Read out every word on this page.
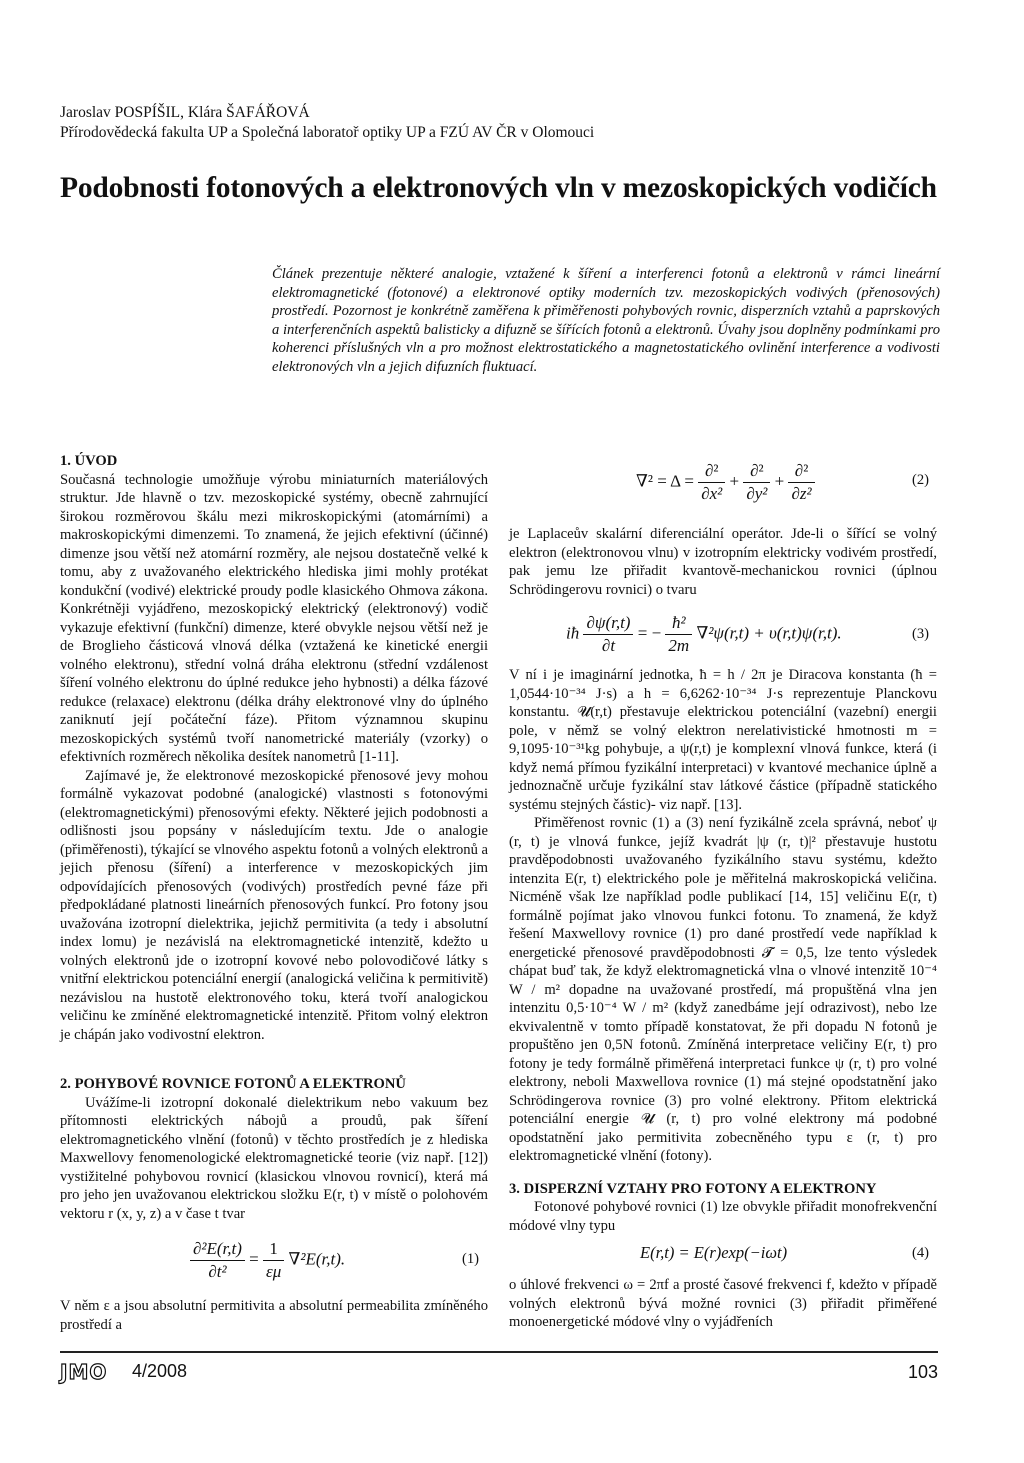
Jaroslav POSPÍŠIL, Klára ŠAFÁŘOVÁ
Přírodovědecká fakulta UP a Společná laboratoř optiky UP a FZÚ AV ČR v Olomouci
Podobnosti fotonových a elektronových vln v mezoskopických vodičích
Článek prezentuje některé analogie, vztažené k šíření a interferenci fotonů a elektronů v rámci lineární elektromagnetické (fotonové) a elektronové optiky moderních tzv. mezoskopických vodivých (přenosových) prostředí. Pozornost je konkrétně zaměřena k přiměřenosti pohybových rovnic, disperzních vztahů a paprskových a interferenčních aspektů balisticky a difuzně se šířících fotonů a elektronů. Úvahy jsou doplněny podmínkami pro koherenci příslušných vln a pro možnost elektrostatického a magnetostatického ovlinění interference a vodivosti elektronových vln a jejich difuzních fluktuací.
1. ÚVOD

Současná technologie umožňuje výrobu miniaturních materiálových struktur. Jde hlavně o tzv. mezoskopické systémy, obecně zahrnující širokou rozměrovou škálu mezi mikroskopickými (atomárními) a makroskopickými dimenzemi. To znamená, že jejich efektivní (účinné) dimenze jsou větší než atomární rozměry, ale nejsou dostatečně velké k tomu, aby z uvažovaného elektrického hlediska jimi mohly protékat kondukční (vodivé) elektrické proudy podle klasického Ohmova zákona. Konkrétněji vyjádřeno, mezoskopický elektrický (elektronový) vodič vykazuje efektivní (funkční) dimenze, které obvykle nejsou větší než je de Broglieho částicová vlnová délka (vztažená ke kinetické energii volného elektronu), střední volná dráha elektronu (střední vzdálenost šíření volného elektronu do úplné redukce jeho hybnosti) a délka fázové redukce (relaxace) elektronu (délka dráhy elektronové vlny do úplného zaniknutí její počáteční fáze). Přitom významnou skupinu mezoskopických systémů tvoří nanometrické materiály (vzorky) o efektivních rozměrech několika desítek nanometrů [1-11].

Zajímavé je, že elektronové mezoskopické přenosové jevy mohou formálně vykazovat podobné (analogické) vlastnosti s fotonovými (elektromagnetickými) přenosovými efekty. Některé jejich podobnosti a odlišnosti jsou popsány v následujícím textu. Jde o analogie (přiměřenosti), týkající se vlnového aspektu fotonů a volných elektronů a jejich přenosu (šíření) a interference v mezoskopických jim odpovídajících přenosových (vodivých) prostředích pevné fáze při předpokládané platnosti lineárních přenosových funkcí. Pro fotony jsou uvažována izotropní dielektrika, jejichž permitivita (a tedy i absolutní index lomu) je nezávislá na elektromagnetické intenzitě, kdežto u volných elektronů jde o izotropní kovové nebo polovodičové látky s vnitřní elektrickou potenciální energií (analogická veličina k permitivitě) nezávislou na hustotě elektronového toku, která tvoří analogickou veličinu ke zmíněné elektromagnetické intenzitě. Přitom volný elektron je chápán jako vodivostní elektron.

2. POHYBOVÉ ROVNICE FOTONŮ A ELEKTRONŮ

Uvážíme-li izotropní dokonalé dielektrikum nebo vakuum bez přítomnosti elektrických nábojů a proudů, pak šíření elektromagnetického vlnění (fotonů) v těchto prostředích je z hlediska Maxwellovy fenomenologické elektromagnetické teorie (viz např. [12]) vystižitelné pohybovou rovnicí (klasickou vlnovou rovnicí), která má pro jeho jen uvažovanou elektrickou složku E(r, t) v místě o polohovém vektoru r (x, y, z) a v čase t tvar

$\frac{\text{∂²E(r,t)}}{\text{∂t²}} = \frac{1}{\varepsilon\mu} \nabla^2E(r,t)$.	(1)

V něm ε a jsou absolutní permitivita a absolutní permeabilita zmíněného prostředí a

$\nabla^2 = \Delta = \frac{\text{∂²}}{\text{∂x²}} + \frac{\text{∂²}}{\text{∂y²}} + \frac{\text{∂²}}{\text{∂z²}}$	(2)

je Laplaceův skalární diferenciální operátor. Jde-li o šířící se volný elektron (elektronovou vlnu) v izotropním elektricky vodivém prostředí, pak jemu lze přiřadit kvantově-mechanickou rovnici (úplnou Schrödingerovu rovnici) o tvaru

iħ $\frac{\partial\psi(r,t)}{\partial t}$ = − $\frac{\text{ħ²}}{2m} \nabla^2\psi(r,t) + \upsilon(r,t)\psi(r,t)$.	(3)

V ní i je imaginární jednotka, ħ = h / 2π je Diracova konstanta (ħ = 1,0544·10⁻³⁴ J·s) a h = 6,6262·10⁻³⁴ J·s reprezentuje Planckovu konstantu. 𝓤(r,t) přestavuje elektrickou potenciální (vazební) energii pole, v němž se volný elektron nerelativistické hmotnosti m = 9,1095·10⁻³¹kg pohybuje, a ψ(r,t) je komplexní vlnová funkce, která (i když nemá přímou fyzikální interpretaci) v kvantové mechanice úplně a jednoznačně určuje fyzikální stav látkové částice (případně statického systému stejných částic)- viz např. [13].

Přiměřenost rovnic (1) a (3) není fyzikálně zcela správná, neboť ψ (r, t) je vlnová funkce, jejíž kvadrát |ψ (r, t)|² přestavuje hustotu pravděpodobnosti uvažovaného fyzikálního stavu systému, kdežto intenzita E(r, t) elektrického pole je měřitelná makroskopická veličina. Nicméně však lze například podle publikací [14, 15] veličinu E(r, t) formálně pojímat jako vlnovou funkci fotonu. To znamená, že když řešení Maxwellovy rovnice (1) pro dané prostředí vede například k energetické přenosové pravděpodobnosti 𝓣 = 0,5, lze tento výsledek chápat buď tak, že když elektromagnetická vlna o vlnové intenzitě 10⁻⁴ W / m² dopadne na uvažované prostředí, má propuštěná vlna jen intenzitu 0,5·10⁻⁴ W / m² (když zanedbáme její odrazivost), nebo lze ekvivalentně v tomto případě konstatovat, že při dopadu N fotonů je propuštěno jen 0,5N fotonů. Zmíněná interpretace veličiny E(r, t) pro fotony je tedy formálně přiměřená interpretaci funkce ψ (r, t) pro volné elektrony, neboli Maxwellova rovnice (1) má stejné opodstatnění jako Schrödingerova rovnice (3) pro volné elektrony. Přitom elektrická potenciální energie 𝓤 (r, t) pro volné elektrony má podobné opodstatnění jako permitivita zobecněného typu ε (r, t) pro elektromagnetické vlnění (fotony).

3. DISPERZNÍ VZTAHY PRO FOTONY A ELEKTRONY

Fotonové pohybové rovnici (1) lze obvykle přiřadit monofrekvenční módové vlny typu

E(r,t) = E(r)exp(−iωt)	(4)

o úhlové frekvenci ω = 2πf a prosté časové frekvenci f, kdežto v případě volných elektronů bývá možné rovnici (3) přiřadit přiměřené monoenergetické módové vlny o vyjádřeních

JMO 4/2008	103
